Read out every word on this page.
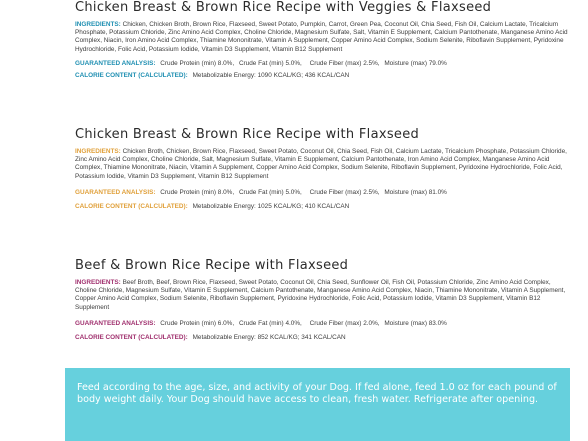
Chicken Breast & Brown Rice Recipe with Veggies & Flaxseed

INGREDIENTS: Chicken, Chicken Broth, Brown Rice, Flaxseed, Sweet Potato, Pumpkin, Carrot, Green Pea, Coconut Oil, Chia Seed, Fish Oil, Calcium Lactate, Tricalcium Phosphate, Potassium Chloride, Zinc Amino Acid Complex, Choline Chloride, Magnesium Sulfate, Salt, Vitamin E Supplement, Calcium Pantothenate, Manganese Amino Acid Complex, Niacin, Iron Amino Acid Complex, Thiamine Mononitrate, Vitamin A Supplement, Copper Amino Acid Complex, Sodium Selenite, Riboflavin Supplement, Pyridoxine Hydrochloride, Folic Acid, Potassium Iodide, Vitamin D3 Supplement, Vitamin B12 Supplement

GUARANTEED ANALYSIS: Crude Protein (min) 8.0%, Crude Fat (min) 5.0%, Crude Fiber (max) 2.5%, Moisture (max) 79.0%

CALORIE CONTENT (CALCULATED): Metabolizable Energy: 1090 KCAL/KG; 436 KCAL/CAN

Chicken Breast & Brown Rice Recipe with Flaxseed

INGREDIENTS: Chicken Broth, Chicken, Brown Rice, Flaxseed, Sweet Potato, Coconut Oil, Chia Seed, Fish Oil, Calcium Lactate, Tricalcium Phosphate, Potassium Chloride, Zinc Amino Acid Complex, Choline Chloride, Salt, Magnesium Sulfate, Vitamin E Supplement, Calcium Pantothenate, Iron Amino Acid Complex, Manganese Amino Acid Complex, Thiamine Mononitrate, Niacin, Vitamin A Supplement, Copper Amino Acid Complex, Sodium Selenite, Riboflavin Supplement, Pyridoxine Hydrochloride, Folic Acid, Potassium Iodide, Vitamin D3 Supplement, Vitamin B12 Supplement

GUARANTEED ANALYSIS: Crude Protein (min) 8.0%, Crude Fat (min) 5.0%, Crude Fiber (max) 2.5%, Moisture (max) 81.0%

CALORIE CONTENT (CALCULATED): Metabolizable Energy: 1025 KCAL/KG; 410 KCAL/CAN

Beef & Brown Rice Recipe with Flaxseed

INGREDIENTS: Beef Broth, Beef, Brown Rice, Flaxseed, Sweet Potato, Coconut Oil, Chia Seed, Sunflower Oil, Fish Oil, Potassium Chloride, Zinc Amino Acid Complex, Choline Chloride, Magnesium Sulfate, Vitamin E Supplement, Calcium Pantothenate, Manganese Amino Acid Complex, Niacin, Thiamine Mononitrate, Vitamin A Supplement, Copper Amino Acid Complex, Sodium Selenite, Riboflavin Supplement, Pyridoxine Hydrochloride, Folic Acid, Potassium Iodide, Vitamin D3 Supplement, Vitamin B12 Supplement

GUARANTEED ANALYSIS: Crude Protein (min) 6.0%, Crude Fat (min) 4.0%, Crude Fiber (max) 2.0%, Moisture (max) 83.0%

CALORIE CONTENT (CALCULATED): Metabolizable Energy: 852 KCAL/KG; 341 KCAL/CAN

Feed according to the age, size, and activity of your Dog. If fed alone, feed 1.0 oz for each pound of body weight daily. Your Dog should have access to clean, fresh water. Refrigerate after opening.
